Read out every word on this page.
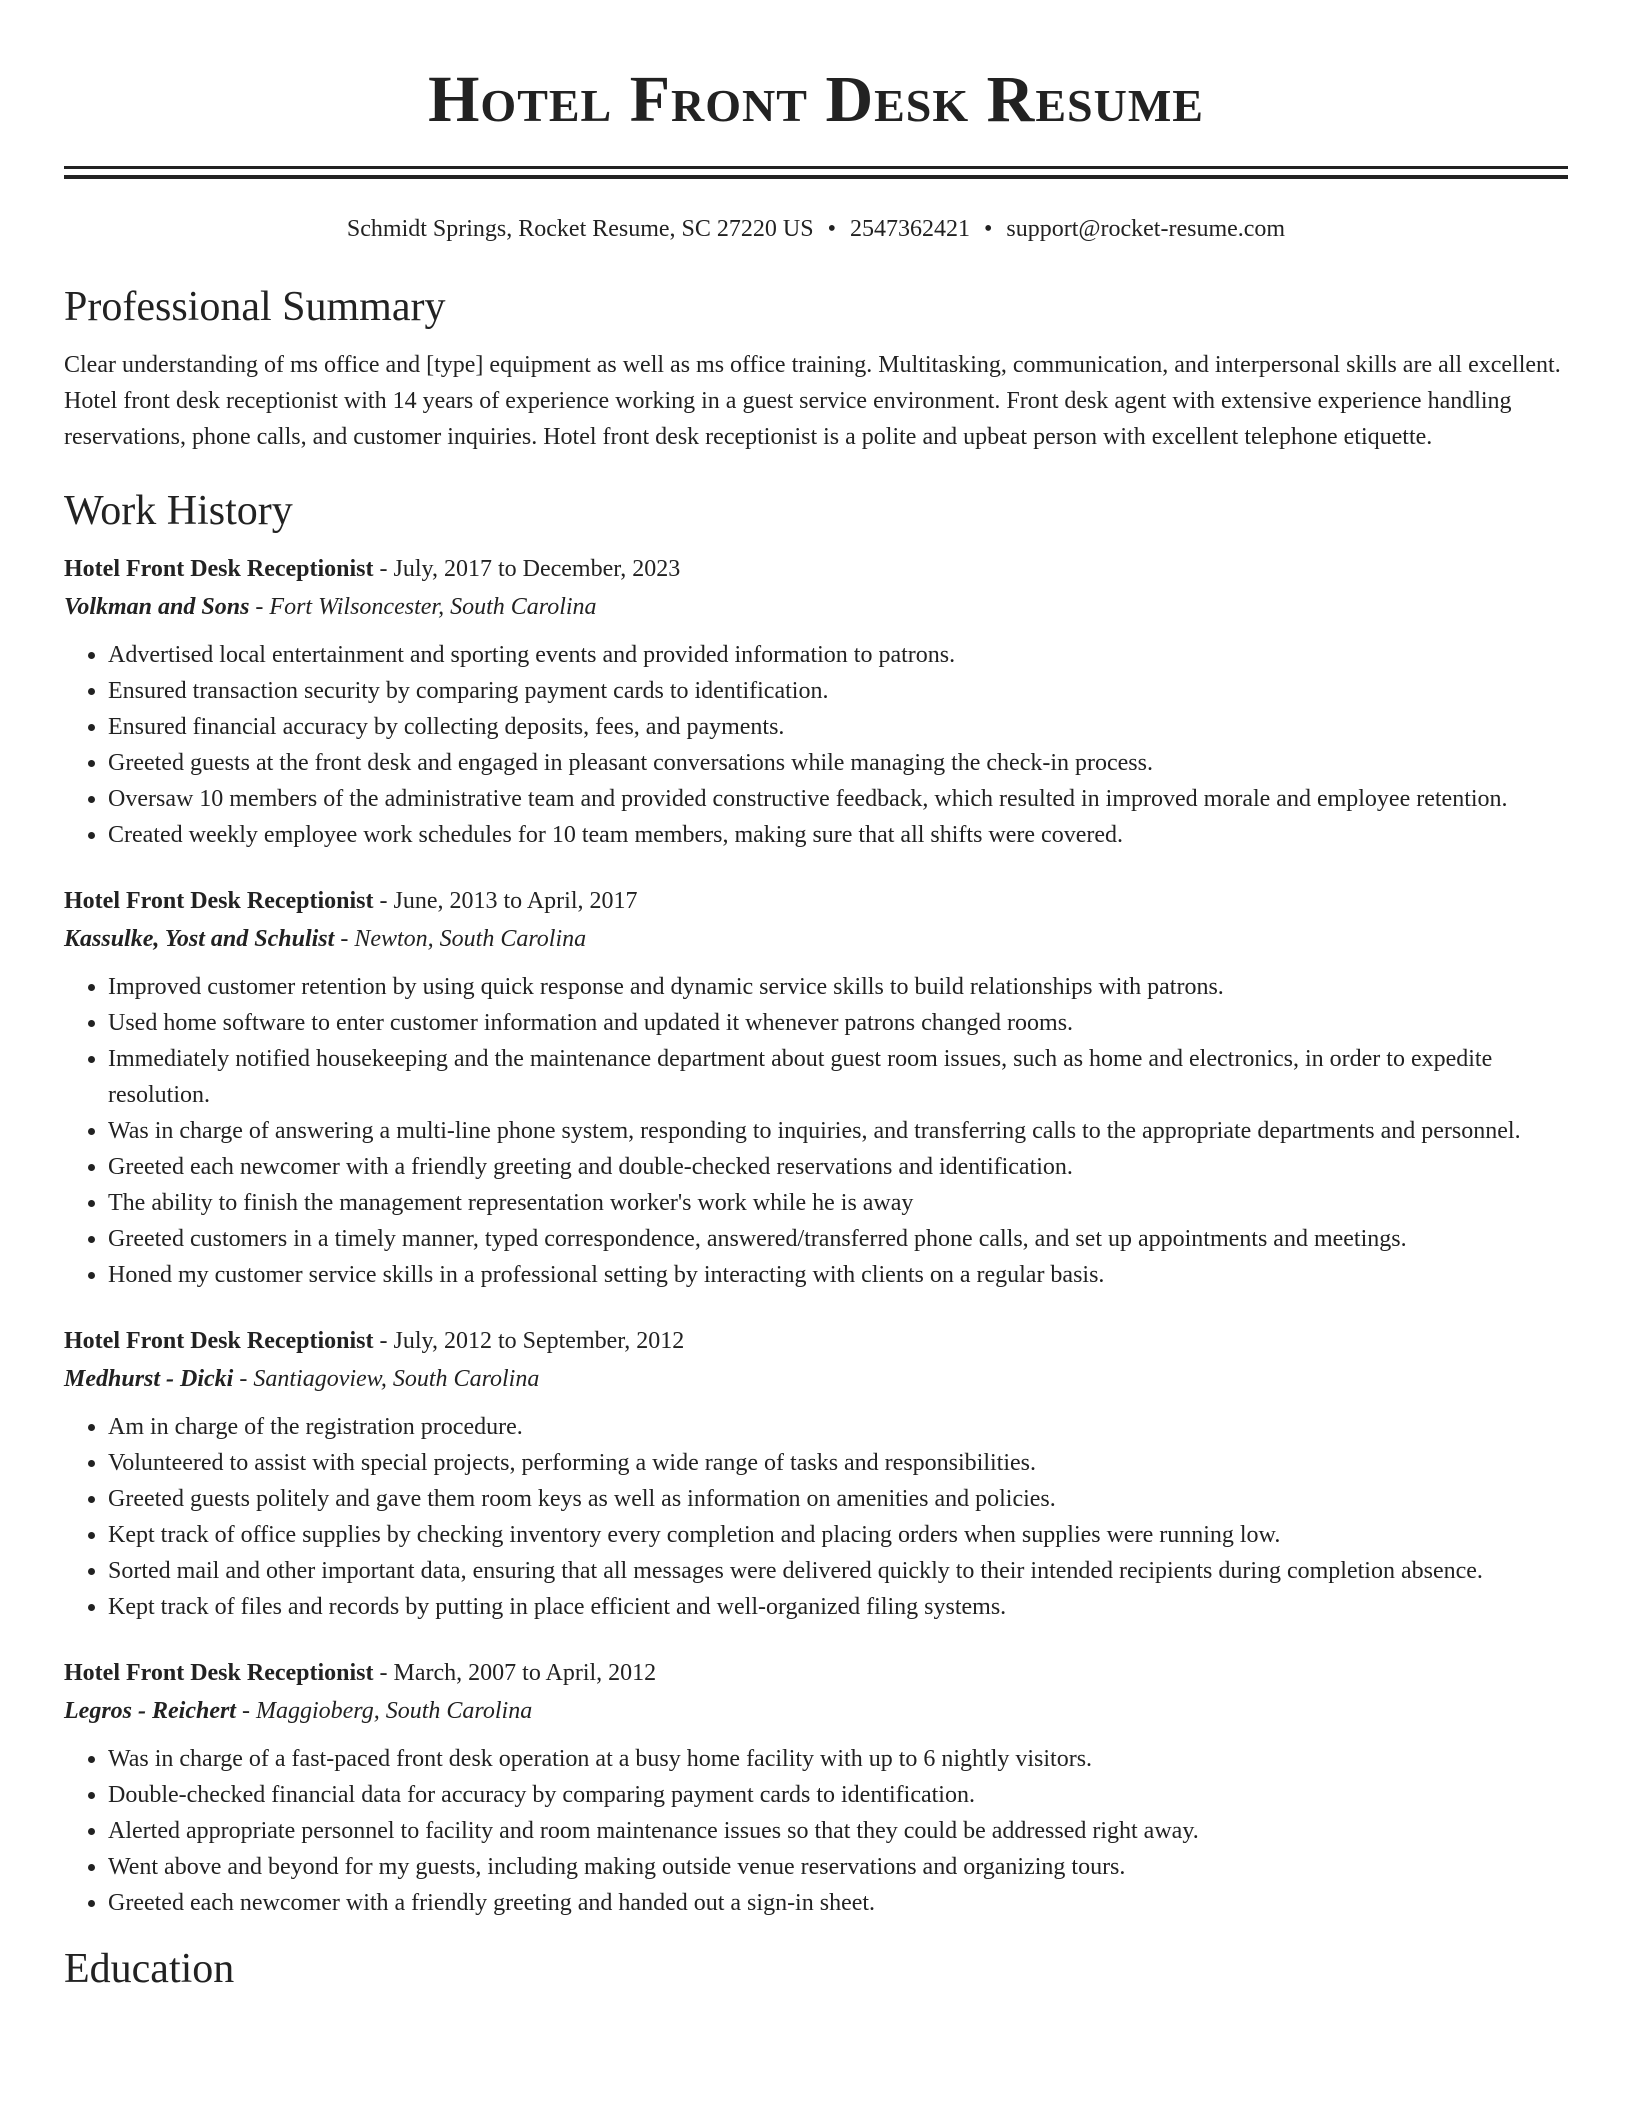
Hotel Front Desk Resume
Schmidt Springs, Rocket Resume, SC 27220 US • 2547362421 • support@rocket-resume.com
Professional Summary

Clear understanding of ms office and [type] equipment as well as ms office training. Multitasking, communication, and interpersonal skills are all excellent. Hotel front desk receptionist with 14 years of experience working in a guest service environment. Front desk agent with extensive experience handling reservations, phone calls, and customer inquiries. Hotel front desk receptionist is a polite and upbeat person with excellent telephone etiquette.

Work History
Hotel Front Desk Receptionist - July, 2017 to December, 2023
Volkman and Sons - Fort Wilsoncester, South Carolina
• Advertised local entertainment and sporting events and provided information to patrons.
• Ensured transaction security by comparing payment cards to identification.
• Ensured financial accuracy by collecting deposits, fees, and payments.
• Greeted guests at the front desk and engaged in pleasant conversations while managing the check-in process.
• Oversaw 10 members of the administrative team and provided constructive feedback, which resulted in improved morale and employee retention.
• Created weekly employee work schedules for 10 team members, making sure that all shifts were covered.
Hotel Front Desk Receptionist - June, 2013 to April, 2017
Kassulke, Yost and Schulist - Newton, South Carolina
• Improved customer retention by using quick response and dynamic service skills to build relationships with patrons.
• Used home software to enter customer information and updated it whenever patrons changed rooms.
• Immediately notified housekeeping and the maintenance department about guest room issues, such as home and electronics, in order to expedite resolution.
• Was in charge of answering a multi-line phone system, responding to inquiries, and transferring calls to the appropriate departments and personnel.
• Greeted each newcomer with a friendly greeting and double-checked reservations and identification.
• The ability to finish the management representation worker's work while he is away
• Greeted customers in a timely manner, typed correspondence, answered/transferred phone calls, and set up appointments and meetings.
• Honed my customer service skills in a professional setting by interacting with clients on a regular basis.
Hotel Front Desk Receptionist - July, 2012 to September, 2012
Medhurst - Dicki - Santiagoview, South Carolina
• Am in charge of the registration procedure.
• Volunteered to assist with special projects, performing a wide range of tasks and responsibilities.
• Greeted guests politely and gave them room keys as well as information on amenities and policies.
• Kept track of office supplies by checking inventory every completion and placing orders when supplies were running low.
• Sorted mail and other important data, ensuring that all messages were delivered quickly to their intended recipients during completion absence.
• Kept track of files and records by putting in place efficient and well-organized filing systems.
Hotel Front Desk Receptionist - March, 2007 to April, 2012
Legros - Reichert - Maggioberg, South Carolina
• Was in charge of a fast-paced front desk operation at a busy home facility with up to 6 nightly visitors.
• Double-checked financial data for accuracy by comparing payment cards to identification.
• Alerted appropriate personnel to facility and room maintenance issues so that they could be addressed right away.
• Went above and beyond for my guests, including making outside venue reservations and organizing tours.
• Greeted each newcomer with a friendly greeting and handed out a sign-in sheet.
Education
